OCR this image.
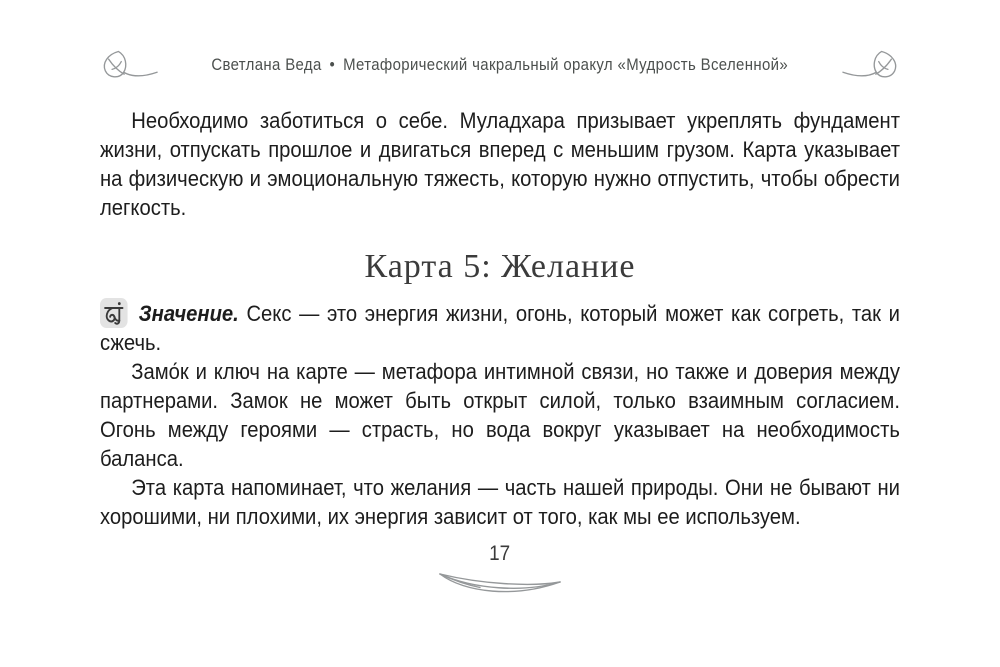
Светлана Веда • Метафорический чакральный оракул «Мудрость Вселенной»

Необходимо заботиться о себе. Муладхара призывает укреплять фундамент жизни, отпускать прошлое и двигаться вперед с меньшим грузом. Карта указывает на физическую и эмоциональную тяжесть, которую нужно отпустить, чтобы обрести легкость.

Карта 5: Желание

Значение. Секс — это энергия жизни, огонь, который может как согреть, так и сжечь.

Замо́к и ключ на карте — метафора интимной связи, но также и доверия между партнерами. Замок не может быть открыт силой, только взаимным согласием. Огонь между героями — страсть, но вода вокруг указывает на необходимость баланса.

Эта карта напоминает, что желания — часть нашей природы. Они не бывают ни хорошими, ни плохими, их энергия зависит от того, как мы ее используем.

17
